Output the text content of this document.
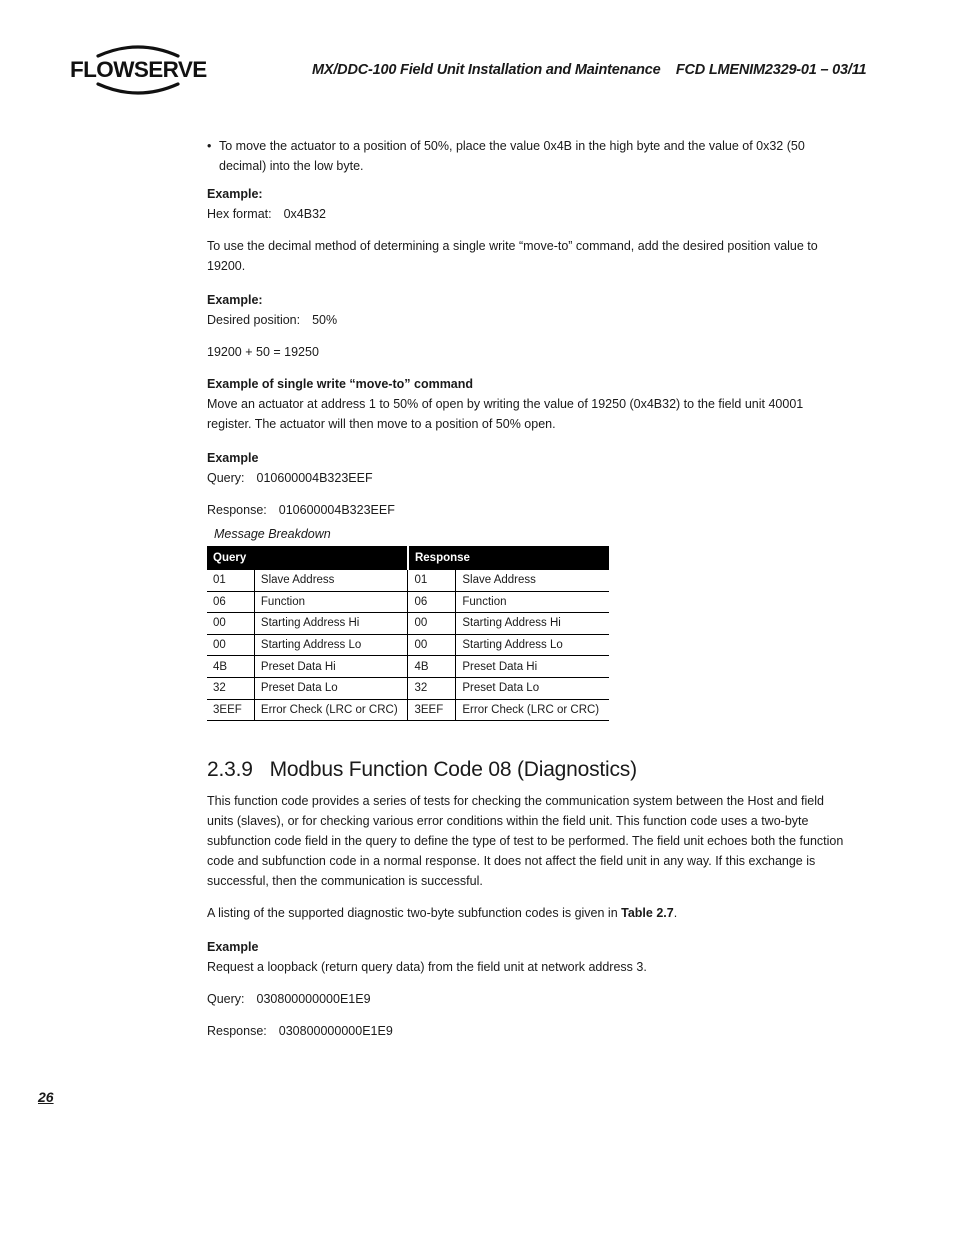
FLOWSERVE	MX/DDC-100 Field Unit Installation and Maintenance    FCD LMENIM2329-01 – 03/11

• To move the actuator to a position of 50%, place the value 0x4B in the high byte and the value of 0x32 (50 decimal) into the low byte.

Example:

Hex format: 0x4B32

To use the decimal method of determining a single write “move-to” command, add the desired position value to 19200.

Example:

Desired position: 50%

19200 + 50 = 19250

Example of single write “move-to” command

Move an actuator at address 1 to 50% of open by writing the value of 19250 (0x4B32) to the field unit 40001 register. The actuator will then move to a position of 50% open.

Example

Query: 010600004B323EEF

Response: 010600004B323EEF

Message Breakdown
Query		Response	
01	Slave Address	01	Slave Address
06	Function	06	Function
00	Starting Address Hi	00	Starting Address Hi
00	Starting Address Lo	00	Starting Address Lo
4B	Preset Data Hi	4B	Preset Data Hi
32	Preset Data Lo	32	Preset Data Lo
3EEF	Error Check (LRC or CRC)	3EEF	Error Check (LRC or CRC)
2.3.9   Modbus Function Code 08 (Diagnostics)

This function code provides a series of tests for checking the communication system between the Host and field units (slaves), or for checking various error conditions within the field unit. This function code uses a two-byte subfunction code field in the query to define the type of test to be performed. The field unit echoes both the function code and subfunction code in a normal response. It does not affect the field unit in any way. If this exchange is successful, then the communication is successful.

A listing of the supported diagnostic two-byte subfunction codes is given in Table 2.7.

Example

Request a loopback (return query data) from the field unit at network address 3.

Query: 030800000000E1E9

Response: 030800000000E1E9

26
